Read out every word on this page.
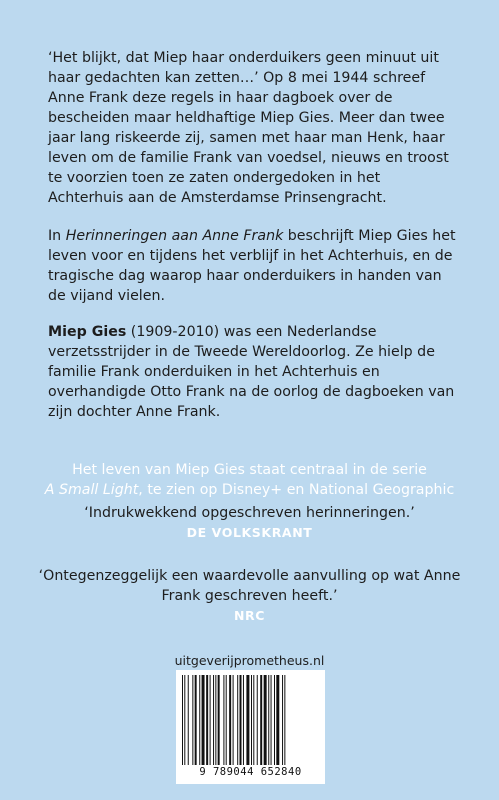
‘Het blijkt, dat Miep haar onderduikers geen minuut uit haar gedachten kan zetten…’ Op 8 mei 1944 schreef Anne Frank deze regels in haar dagboek over de bescheiden maar heldhaftige Miep Gies. Meer dan twee jaar lang riskeerde zij, samen met haar man Henk, haar leven om de familie Frank van voedsel, nieuws en troost te voorzien toen ze zaten ondergedoken in het Achterhuis aan de Amsterdamse Prinsengracht.

In Herinneringen aan Anne Frank beschrijft Miep Gies het leven voor en tijdens het verblijf in het Achterhuis, en de tragische dag waarop haar onderduikers in handen van de vijand vielen.

Miep Gies (1909-2010) was een Nederlandse verzetsstrijder in de Tweede Wereldoorlog. Ze hielp de familie Frank onderduiken in het Achterhuis en overhandigde Otto Frank na de oorlog de dagboeken van zijn dochter Anne Frank.

Het leven van Miep Gies staat centraal in de serie
A Small Light, te zien op Disney+ en National Geographic

‘Indrukwekkend opgeschreven herinneringen.’
DE VOLKSKRANT

‘Ontegenzeggelijk een waardevolle aanvulling op wat Anne Frank geschreven heeft.’
NRC

uitgeverijprometheus.nl

9 789044 652840
